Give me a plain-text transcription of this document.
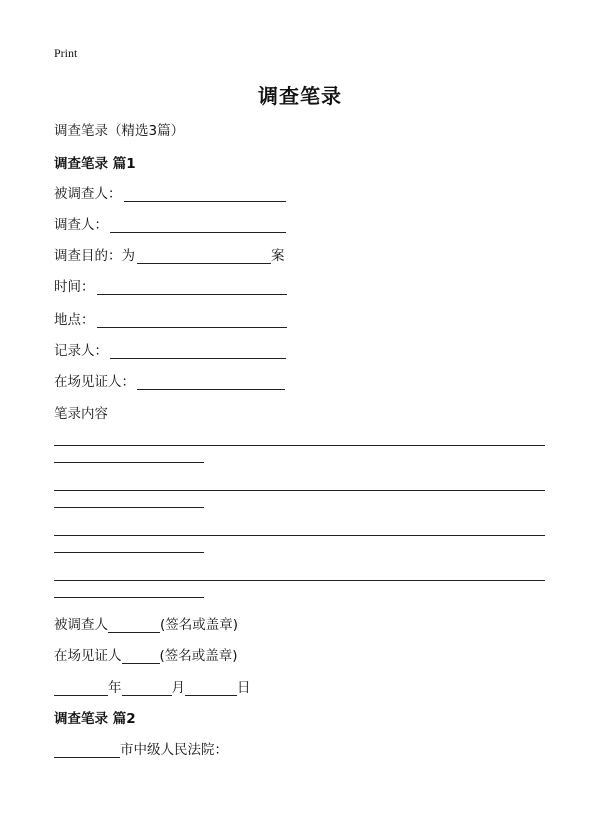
Print
调查笔录
调查笔录（精选3篇）
调查笔录 篇1
被调查人：
调查人：
调查目的：为	案
时间：
地点：
记录人：
在场见证人：
笔录内容
被调查人	(签名或盖章)
在场见证人	(签名或盖章)
年	月	日
调查笔录 篇2
市中级人民法院：
